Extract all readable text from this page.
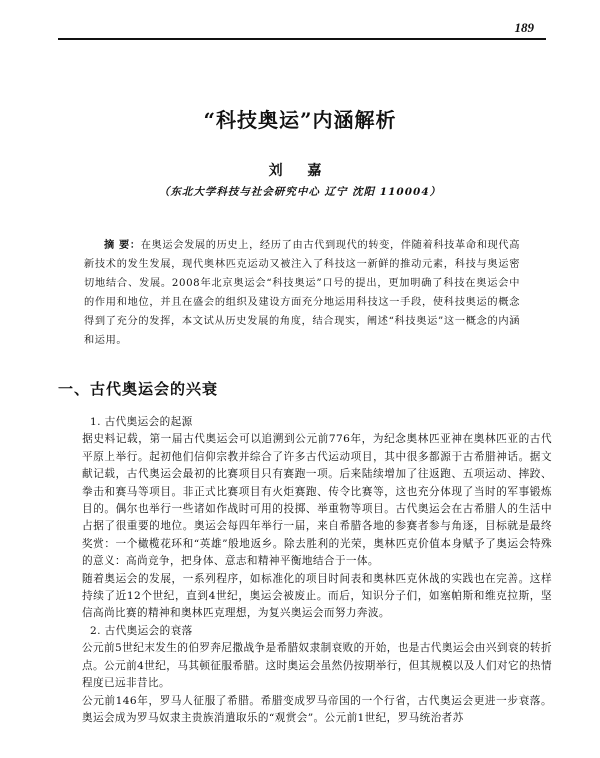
189
“科技奥运”内涵解析
刘 嘉
（东北大学科技与社会研究中心 辽宁 沈阳 110004）
摘 要：在奥运会发展的历史上，经历了由古代到现代的转变，伴随着科技革命和现代高新技术的发生发展，现代奥林匹克运动又被注入了科技这一新鲜的推动元素，科技与奥运密切地结合、发展。2008年北京奥运会“科技奥运”口号的提出，更加明确了科技在奥运会中的作用和地位，并且在盛会的组织及建设方面充分地运用科技这一手段，使科技奥运的概念得到了充分的发挥，本文试从历史发展的角度，结合现实，阐述“科技奥运”这一概念的内涵和运用。
一、古代奥运会的兴衰

1. 古代奥运会的起源

据史料记载，第一届古代奥运会可以追溯到公元前776年，为纪念奥林匹亚神在奥林匹亚的古代平原上举行。起初他们信仰宗教并综合了许多古代运动项目，其中很多都源于古希腊神话。据文献记载，古代奥运会最初的比赛项目只有赛跑一项。后来陆续增加了往返跑、五项运动、摔跤、拳击和赛马等项目。非正式比赛项目有火炬赛跑、传令比赛等，这也充分体现了当时的军事锻炼目的。偶尔也举行一些诸如作战时可用的投掷、举重物等项目。古代奥运会在古希腊人的生活中占据了很重要的地位。奥运会每四年举行一届，来自希腊各地的参赛者参与角逐，目标就是最终奖赏：一个橄榄花环和“英雄”般地返乡。除去胜利的光荣，奥林匹克价值本身赋予了奥运会特殊的意义：高尚竞争，把身体、意志和精神平衡地结合于一体。

随着奥运会的发展，一系列程序，如标准化的项目时间表和奥林匹克休战的实践也在完善。这样持续了近12个世纪，直到4世纪，奥运会被废止。而后，知识分子们，如塞帕斯和维克拉斯，坚信高尚比赛的精神和奥林匹克理想，为复兴奥运会而努力奔波。

2. 古代奥运会的衰落

公元前5世纪末发生的伯罗奔尼撒战争是希腊奴隶制衰败的开始，也是古代奥运会由兴到衰的转折点。公元前4世纪，马其顿征服希腊。这时奥运会虽然仍按期举行，但其规模以及人们对它的热情程度已远非昔比。

公元前146年，罗马人征服了希腊。希腊变成罗马帝国的一个行省，古代奥运会更进一步衰落。奥运会成为罗马奴隶主贵族消遣取乐的“观赏会”。公元前1世纪，罗马统治者苏
